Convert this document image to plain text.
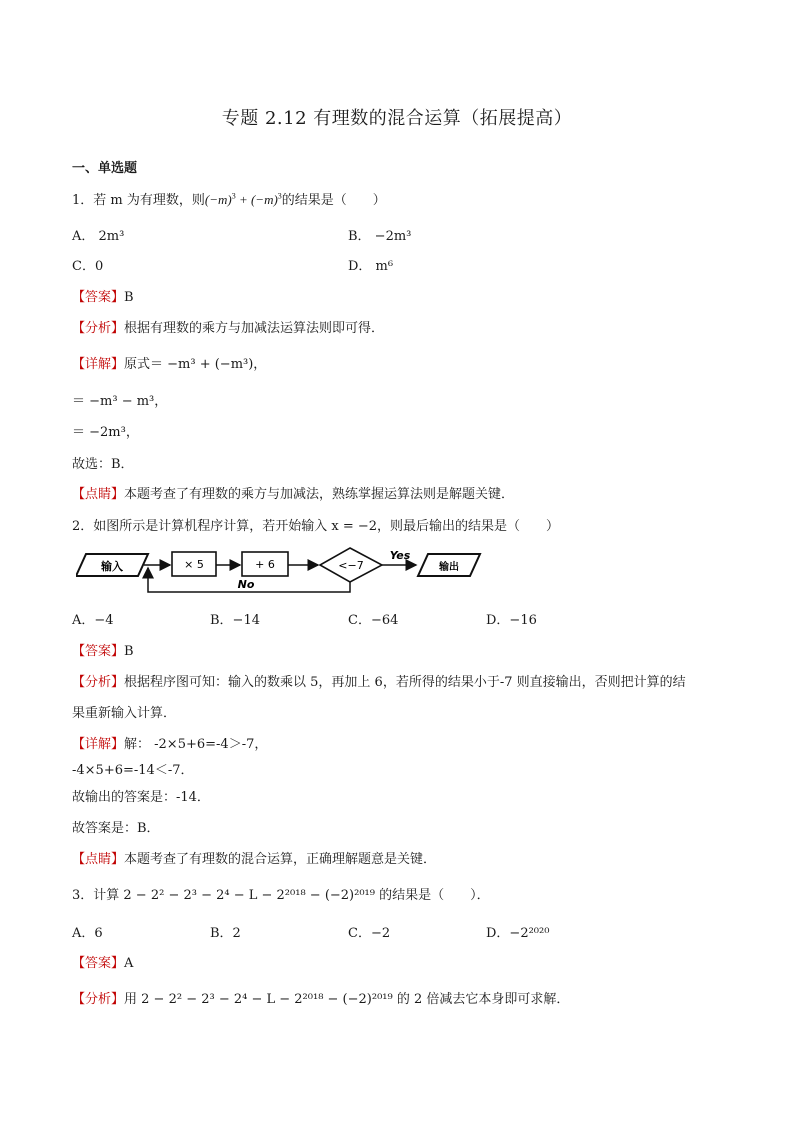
专题 2.12 有理数的混合运算（拓展提高）
一、单选题
1．若 m 为有理数，则$(-m)^3 + (-m)^3$的结果是（　　）
A． 2m³	B． −2m³
C．0	D． m⁶
【答案】B
【分析】根据有理数的乘方与加减法运算法则即可得．
【详解】原式＝ −m³ + (−m³)，
＝ −m³ − m³，
＝ −2m³，
故选：B．
【点睛】本题考查了有理数的乘方与加减法，熟练掌握运算法则是解题关键．
2．如图所示是计算机程序计算，若开始输入 x = −2，则最后输出的结果是（　　）
输入	× 5	+ 6	<−7
Yes
输出
No
A．−4	B．−14	C．−64	D．−16
【答案】B
【分析】根据程序图可知：输入的数乘以 5，再加上 6，若所得的结果小于-7 则直接输出，否则把计算的结
果重新输入计算．
【详解】解： -2×5+6=-4＞-7，
-4×5+6=-14＜-7．
故输出的答案是：-14．
故答案是：B．
【点睛】本题考查了有理数的混合运算，正确理解题意是关键．
3．计算 2 − 2² − 2³ − 2⁴ − L − 2²⁰¹⁸ − (−2)²⁰¹⁹ 的结果是（　　）．
A．6	B．2	C．−2	D．−2²⁰²⁰
【答案】A
【分析】用 2 − 2² − 2³ − 2⁴ − L − 2²⁰¹⁸ − (−2)²⁰¹⁹ 的 2 倍减去它本身即可求解．
